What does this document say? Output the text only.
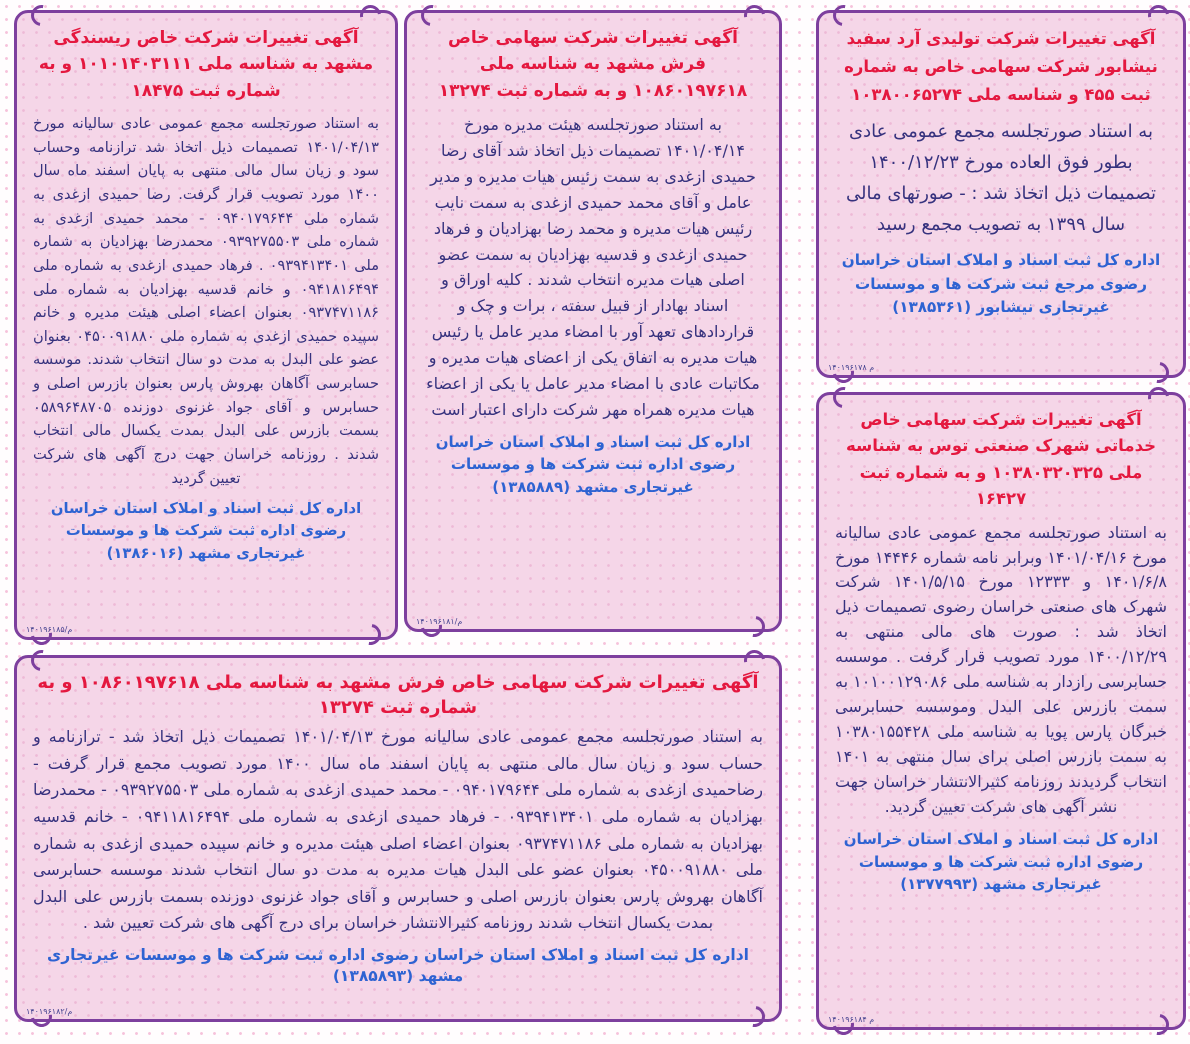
آگهی تغییرات شرکت خاص ریسندگی مشهد به شناسه ملی ۱۰۱۰۱۴۰۳۱۱۱ و به شماره ثبت ۱۸۴۷۵

به استناد صورتجلسه مجمع عمومی عادی سالیانه مورخ ۱۴۰۱/۰۴/۱۳ تصمیمات ذیل اتخاذ شد ترازنامه وحساب سود و زیان سال مالی منتهی به پایان اسفند ماه سال ۱۴۰۰ مورد تصویب قرار گرفت. رضا حمیدی ازغدی به شماره ملی ۰۹۴۰۱۷۹۶۴۴ - محمد حمیدی ازغدی به شماره ملی ۰۹۳۹۲۷۵۵۰۳ محمدرضا بهزادیان به شماره ملی ۰۹۳۹۴۱۳۴۰۱ . فرهاد حمیدی ازغدی به شماره ملی ۰۹۴۱۸۱۶۴۹۴ و خانم قدسیه بهزادیان به شماره ملی ۰۹۳۷۴۷۱۱۸۶ بعنوان اعضاء اصلی هیئت مدیره و خانم سپیده حمیدی ازغدی به شماره ملی ۰۴۵۰۰۹۱۸۸۰ بعنوان عضو علی البدل به مدت دو سال انتخاب شدند. موسسه حسابرسی آگاهان بهروش پارس بعنوان بازرس اصلی و حسابرس و آقای جواد غزنوی دوزنده ۰۵۸۹۶۴۸۷۰۵ بسمت بازرس علی البدل بمدت یکسال مالی انتخاب شدند . روزنامه خراسان جهت درج آگهی های شرکت تعیین گردید

اداره کل ثبت اسناد و املاک استان خراسان رضوی اداره ثبت شرکت ها و موسسات غیرتجاری مشهد (۱۳۸۶۰۱۶)
م/۱۴۰۱۹۶۱۸۵
آگهی تغییرات شرکت سهامی خاص فرش مشهد به شناسه ملی ۱۰۸۶۰۱۹۷۶۱۸ و به شماره ثبت ۱۳۲۷۴

به استناد صورتجلسه هیئت مدیره مورخ ۱۴۰۱/۰۴/۱۴ تصمیمات ذیل اتخاذ شد آقای رضا حمیدی ازغدی به سمت رئیس هیات مدیره و مدیر عامل و آقای محمد حمیدی ازغدی به سمت نایب رئیس هیات مدیره و محمد رضا بهزادیان و فرهاد حمیدی ازغدی و قدسیه بهزادیان به سمت عضو اصلی هیات مدیره انتخاب شدند . کلیه اوراق و اسناد بهادار از قبیل سفته ، برات و چک و قراردادهای تعهد آور با امضاء مدیر عامل یا رئیس هیات مدیره به اتفاق یکی از اعضای هیات مدیره و مکاتبات عادی با امضاء مدیر عامل یا یکی از اعضاء هیات مدیره همراه مهر شرکت دارای اعتبار است

اداره کل ثبت اسناد و املاک استان خراسان رضوی اداره ثبت شرکت ها و موسسات غیرتجاری مشهد (۱۳۸۵۸۸۹)
م/۱۴۰۱۹۶۱۸۱
آگهی تغییرات شرکت تولیدی آرد سفید نیشابور شرکت سهامی خاص به شماره ثبت ۴۵۵ و شناسه ملی ۱۰۳۸۰۰۶۵۲۷۴

به استناد صورتجلسه مجمع عمومی عادی بطور فوق العاده مورخ ۱۴۰۰/۱۲/۲۳ تصمیمات ذیل اتخاذ شد : - صورتهای مالی سال ۱۳۹۹ به تصویب مجمع رسید

اداره کل ثبت اسناد و املاک استان خراسان رضوی مرجع ثبت شرکت ها و موسسات غیرتجاری نیشابور (۱۳۸۵۳۶۱)
۱۴۰۱۹۶۱۷۸ م
آگهی تغییرات شرکت سهامی خاص خدماتی شهرک صنعتی توس به شناسه ملی ۱۰۳۸۰۳۲۰۳۲۵ و به شماره ثبت ۱۶۴۲۷

به استناد صورتجلسه مجمع عمومی عادی سالیانه مورخ ۱۴۰۱/۰۴/۱۶ وبرابر نامه شماره ۱۴۴۴۶ مورخ ۱۴۰۱/۶/۸ و ۱۲۳۳۳ مورخ ۱۴۰۱/۵/۱۵ شرکت شهرک های صنعتی خراسان رضوی تصمیمات ذیل اتخاذ شد : صورت های مالی منتهی به ۱۴۰۰/۱۲/۲۹ مورد تصویب قرار گرفت . موسسه حسابرسی رازدار به شناسه ملی ۱۰۱۰۰۱۲۹۰۸۶ به سمت بازرس علی البدل وموسسه حسابرسی خبرگان پارس پویا به شناسه ملی ۱۰۳۸۰۱۵۵۴۲۸ به سمت بازرس اصلی برای سال منتهی به ۱۴۰۱ انتخاب گردیدند روزنامه کثیرالانتشار خراسان جهت نشر آگهی های شرکت تعیین گردید.

اداره کل ثبت اسناد و املاک استان خراسان رضوی اداره ثبت شرکت ها و موسسات غیرتجاری مشهد (۱۳۷۷۹۹۳)
م ۱۴۰۱۹۶۱۸۴
آگهی تغییرات شرکت سهامی خاص فرش مشهد به شناسه ملی ۱۰۸۶۰۱۹۷۶۱۸ و به شماره ثبت ۱۳۲۷۴

به استناد صورتجلسه مجمع عمومی عادی سالیانه مورخ ۱۴۰۱/۰۴/۱۳ تصمیمات ذیل اتخاذ شد - ترازنامه و حساب سود و زیان سال مالی منتهی به پایان اسفند ماه سال ۱۴۰۰ مورد تصویب مجمع قرار گرفت - رضاحمیدی ازغدی به شماره ملی ۰۹۴۰۱۷۹۶۴۴ - محمد حمیدی ازغدی به شماره ملی ۰۹۳۹۲۷۵۵۰۳ - محمدرضا بهزادیان به شماره ملی ۰۹۳۹۴۱۳۴۰۱ - فرهاد حمیدی ازغدی به شماره ملی ۰۹۴۱۱۸۱۶۴۹۴ - خانم قدسیه بهزادیان به شماره ملی ۰۹۳۷۴۷۱۱۸۶ بعنوان اعضاء اصلی هیئت مدیره و خانم سپیده حمیدی ازغدی به شماره ملی ۰۴۵۰۰۹۱۸۸۰ بعنوان عضو علی البدل هیات مدیره به مدت دو سال انتخاب شدند موسسه حسابرسی آگاهان بهروش پارس بعنوان بازرس اصلی و حسابرس و آقای جواد غزنوی دوزنده بسمت بازرس علی البدل بمدت یکسال انتخاب شدند روزنامه کثیرالانتشار خراسان برای درج آگهی های شرکت تعیین شد .

اداره کل ثبت اسناد و املاک استان خراسان رضوی اداره ثبت شرکت ها و موسسات غیرتجاری مشهد (۱۳۸۵۸۹۳)
م/۱۴۰۱۹۶۱۸۲
